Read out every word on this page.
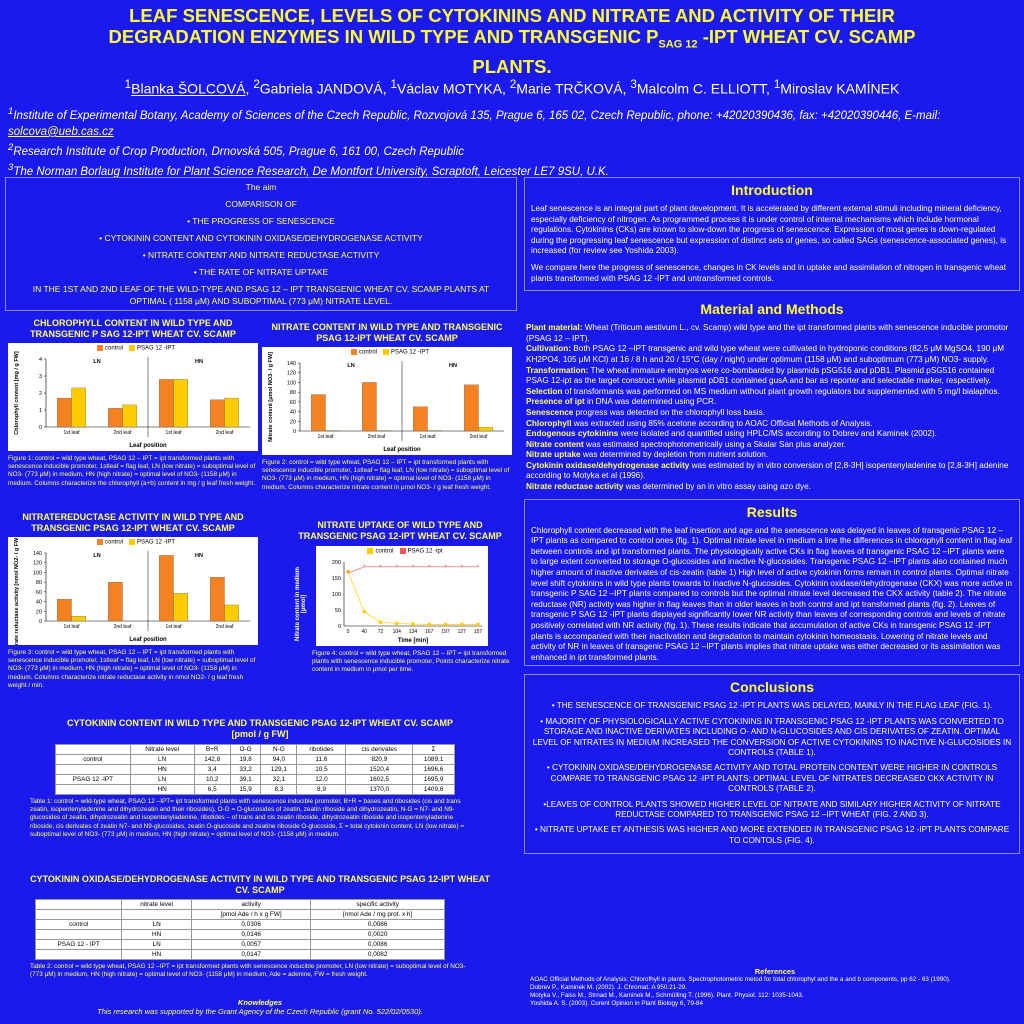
LEAF SENESCENCE, LEVELS OF CYTOKININS AND NITRATE AND ACTIVITY OF THEIR
DEGRADATION ENZYMES IN WILD TYPE AND TRANSGENIC $P_{SAG 12}$ -IPT WHEAT CV. SCAMP
PLANTS.
$^1$Blanka ŠOLCOVÁ, $^2$Gabriela JANDOVÁ, $^1$Václav MOTYKA, $^2$Marie TRČKOVÁ, $^3$Malcolm C. ELLIOTT, $^1$Miroslav KAMÍNEK
$^1$Institute of Experimental Botany, Academy of Sciences of the Czech Republic, Rozvojová 135, Prague 6, 165 02, Czech Republic, phone: +42020390436, fax: +42020390446, E-mail: solcova@ueb.cas.cz
$^2$Research Institute of Crop Production, Drnovská 505, Prague 6, 161 00, Czech Republic
$^3$The Norman Borlaug Institute for Plant Science Research, De Montfort University, Scraptoft, Leicester LE7 9SU, U.K.

The aim

COMPARISON OF

• THE PROGRESS OF SENESCENCE

• CYTOKININ CONTENT AND CYTOKININ OXIDASE/DEHYDROGENASE ACTIVITY

• NITRATE CONTENT AND NITRATE REDUCTASE ACTIVITY

• THE RATE OF NITRATE UPTAKE

IN THE 1ST AND 2ND LEAF OF THE WILD-TYPE AND PSAG 12 – IPT TRANSGENIC WHEAT CV. SCAMP PLANTS AT OPTIMAL ( 1158 μM) AND SUBOPTIMAL (773 μM) NITRATE LEVEL.

CHLOROPHYLL CONTENT IN WILD TYPE AND TRANSGENIC P SAG 12-IPT WHEAT CV. SCAMP
control PSAG 12 -IPT
0
1
2
3
4	LN	HN
1st leaf	2nd leaf	1st leaf	2nd leaf
Leaf position
Chlorophyll content [mg / g FW]
Figure 1: control = wild type wheat, PSAG 12 – IPT = ipt transformed plants with senescence inducible promoter, 1stleaf = flag leaf, LN (low nitrate) = suboptimal level of NO3- (773 μM) in medium, HN (high nitrate) = optimal level of NO3- (1158 μM) in medium. Columns characterize the chlorophyll (a+b) content in mg / g leaf fresh weight.
NITRATE CONTENT IN WILD TYPE AND TRANSGENIC PSAG 12-IPT WHEAT CV. SCAMP
control PSAG 12 -IPT
0
20
40
60
80
100
120
140	LN	HN
1st leaf	2nd leaf	1st leaf	2nd leaf
Leaf position
Nitrate content [μmol NO3- / g FW]
Figure 2: control = wild type wheat, PSAG 12 – IPT = ipt transformed plants with senescence inducible promoter, 1stleaf = flag leaf, LN (low nitrate) = suboptimal level of NO3- (773 μM) in medium, HN (high nitrate) = optimal level of NO3- (1158 μM) in medium. Columns characterize nitrate content in μmol NO3- / g leaf fresh weight.
NITRATEREDUCTASE ACTIVITY IN WILD TYPE AND TRANSGENIC PSAG 12-IPT WHEAT CV. SCAMP
control PSAG 12 -IPT
0
20
40
60
80
100
120
140	LN	HN
1st leaf	2nd leaf	1st leaf	2nd leaf
Leaf position
Nitrate reductase activity [nmol NO2- / g FW / min]
Figure 3: control = wild type wheat, PSAG 12 – IPT = ipt transformed plants with senescence inducible promoter, 1stleaf = flag leaf, LN (low nitrate) = suboptimal level of NO3- (773 μM) in medium, HN (high nitrate) = optimal level of NO3- (1158 μM) in medium. Columns characterize nitrate reductase activity in nmol NO2- / g leaf fresh weight / min.
NITRATE UPTAKE OF WILD TYPE AND TRANSGENIC PSAG 12-IPT WHEAT CV. SCAMP
control PSAG 12 -ipt
0
50
100
150
200
0 40 72 104 134 167 197 127 157
*
* * * * * * * *
Time [min]
Figure 4: control = wild type wheat, PSAG 12 – IPT = ipt transformed plants with senescence inducible promoter, Points characterize nitrate content in medium in μmol per time.
CYTOKININ CONTENT IN WILD TYPE AND TRANSGENIC PSAG 12-IPT WHEAT CV. SCAMP
[pmol / g FW]
	Nitrate level	B+R	O-G	N-G	ribotides	cis derivates	Σ
control	LN	142,8	19,8	94,0	11,6	820,9	1089,1
	HN	3,4	33,2	129,1	10,5	1520,4	1696,6
PSAG 12 -IPT	LN	10,2	39,1	32,1	12,0	1602,5	1695,9
	HN	6,5	15,9	8,3	8,9	1370,0	1409,6
Table 1: control = wild-type wheat, PSAG 12 –IPT= ipt transformed plants with senescence inducible promoter, B+R = bases and ribosides (cis and trans zeatin, isopentenyladenine and dihydrozeatin and their ribosides), O-G = O-glucosides of zeatin, zeatin riboside and dihydrozeatin, N-G = N7- and N9-glucosides of zeatin, dihydrozeatin and isopentenyladenine, ribotides – of trans and cis zeatin riboside, dihydrozeatin riboside and isopentenyladenine riboside, cis derivates of zeatin N7- and N9-glucosides, zeatin O-glucoside and zeatine riboside O-glucoside, Σ = total cytokinin content, LN (low nitrate) = suboptimal level of NO3- (773 μM) in medium, HN (high nitrate) = optimal level of NO3- (1158 μM) in medium.
CYTOKININ OXIDASE/DEHYDROGENASE ACTIVITY IN WILD TYPE AND TRANSGENIC PSAG 12-IPT WHEAT CV. SCAMP
	nitrate level	activity	specific activity
		[pmol Ade / h x g FW]	[nmol Ade / mg prot. x h]
control	LN	0,0306	0,0086
	HN	0,0146	0,0020
PSAG 12 - IPT	LN	0,0057	0,0086
	HN	0,0147	0,0082
Table 2: control = wild type wheat, PSAG 12 –IPT = ipt transformed plants with senescence inducible promoter, LN (low nitrate) = suboptimal level of NO3- (773 μM) in medium, HN (high nitrate) = optimal level of NO3- (1158 μM) in medium, Ade = adenine, FW = fresh weight.
Knowledges
This research was supported by the Grant Agency of the Czech Republic (grant No. 522/02/0530).
Introduction
Leaf senescence is an integral part of plant development. It is accelerated by different external stimuli including mineral deficiency, especially deficiency of nitrogen. As programmed process it is under control of internal mechanisms which include hormonal regulations. Cytokinins (CKs) are known to slow-down the progress of senescence. Expression of most genes is down-regulated during the progressing leaf senescence but expression of distinct sets of genes, so called SAGs (senescence-associated genes), is increased (for review see Yoshida 2003).
We compare here the progress of senescence, changes in CK levels and in uptake and assimilation of nitrogen in transgenic wheat plants transformed with PSAG 12 -IPT and untransformed controls.
Material and Methods
Plant material: Wheat (Triticum aestivum L., cv. Scamp) wild type and the ipt transformed plants with senescence inducible promotor (PSAG 12 – IPT).
Cultivation: Both PSAG 12 –IPT transgenic and wild type wheat were cultivated in hydroponic conditions (82,5 μM MgSO4, 190 μM KH2PO4, 105 μM KCl) at 16 / 8 h and 20 / 15°C (day / night) under optimum (1158 μM) and suboptimum (773 μM) NO3- supply.
Transformation: The wheat immature embryos were co-bombarded by plasmids pSG516 and pDB1. Plasmid pSG516 contained PSAG 12-ipt as the target construct while plasmid pDB1 contained gusA and bar as reporter and selectable marker, respectively.
Selection of transformants was performed on MS medium without plant growth regulators but supplemented with 5 mg/l bialaphos.
Presence of ipt in DNA was determined using PCR.
Senescence progress was detected on the chlorophyll loss basis.
Chlorophyll was extracted using 85% acetone according to AOAC Official Methods of Analysis.
Endogenous cytokinins were isolated and quantified using HPLC/MS according to Dobrev and Kaminek (2002).
Nitrate content was estimated spectrophotometrically using a Skalar San plus analyzer.
Nitrate uptake was determined by depletion from nutrient solution.
Cytokinin oxidase/dehydrogenase activity was estimated by in vitro conversion of [2,8-3H] isopentenyladenine to [2,8-3H] adenine according to Motyka et al (1996).
Nitrate reductase activity was determined by an in vitro assay using azo dye.
Results
Chlorophyll content decreased with the leaf insertion and age and the senescence was delayed in leaves of transgenic PSAG 12 –IPT plants as compared to control ones (fig. 1). Optimal nitrate level in medium a line the differences in chlorophyll content in flag leaf between controls and ipt transformed plants. The physiologically active CKs in flag leaves of transgenic PSAG 12 –IPT plants were to large extent converted to storage O-glucosides and inactive N-glucosides. Transgenic PSAG 12 –IPT plants also contained much higher amount of inactive derivates of cis-zeatin (table 1) High level of active cytokinin forms remain in control plants. Optimal nitrate level shift cytokinins in wild type plants towards to inactive N-glucosides. Cytokinin oxidase/dehydrogenase (CKX) was more active in transgenic P SAG 12 –IPT plants compared to controls but the optimal nitrate level decreased the CKX activity (table 2). The nitrate reductase (NR) activity was higher in flag leaves than in older leaves in both control and ipt transformed plants (fig. 2). Leaves of transgenic P SAG 12 -IPT plants displayed significantly lower NR activity than leaves of corresponding controls and levels of nitrate positively correlated with NR activity (fig. 1). These results indicate that accumulation of active CKs in transgenic PSAG 12 -IPT plants is accompanied with their inactivation and degradation to maintain cytokinin homeostasis. Lowering of nitrate levels and activity of NR in leaves of transgenic PSAG 12 –IPT plants implies that nitrate uptake was either decreased or its assimilation was enhanced in ipt transformed plants.
Conclusions

• THE SENESCENCE OF TRANSGENIC PSAG 12 -IPT PLANTS WAS DELAYED, MAINLY IN THE FLAG LEAF (FIG. 1).

• MAJORITY OF PHYSIOLOGICALLY ACTIVE CYTOKININS IN TRANSGENIC PSAG 12 -IPT PLANTS WAS CONVERTED TO STORAGE AND INACTIVE DERIVATES INCLUDING O- AND N-GLUCOSIDES AND CIS DERIVATES OF ZEATIN. OPTIMAL LEVEL OF NITRATES IN MEDIUM INCREASED THE CONVERSION OF ACTIVE CYTOKININS TO INACTIVE N-GLUCOSIDES IN CONTROLS (TABLE 1).

• CYTOKININ OXIDASE/DEHYDROGENASE ACTIVITY AND TOTAL PROTEIN CONTENT WERE HIGHER IN CONTROLS COMPARE TO TRANSGENIC PSAG 12 -IPT PLANTS; OPTIMAL LEVEL OF NITRATES DECREASED CKX ACTIVITY IN CONTROLS (TABLE 2).

•LEAVES OF CONTROL PLANTS SHOWED HIGHER LEVEL OF NITRATE AND SIMILARY HIGHER ACTIVITY OF NITRATE REDUCTASE COMPARED TO TRANSGENIC PSAG 12 –IPT WHEAT (FIG. 2 AND 3).

• NITRATE UPTAKE ET ANTHESIS WAS HIGHER AND MORE EXTENDED IN TRANSGENIC PSAG 12 -IPT PLANTS COMPARE TO CONTOLS (FIG. 4).

References
AOAC Official Methods of Analysis: Chlorofhyll in plants. Spectrophotometric metod for total chlorophyl and the a and b components, pp 62 - 63 (1990).
Dobrev P., Kaminek M. (2002). J. Chromat. A 950:21-29.
Motyka V., Faiss M., Strnad M., Kaminek M., Schmülling T. (1996). Plant. Physiol. 112: 1035-1043.
Yoshida A. S. (2003). Curent Opinion in Plant Biology 6, 79-84
Nitrate content in medium [μmol]
